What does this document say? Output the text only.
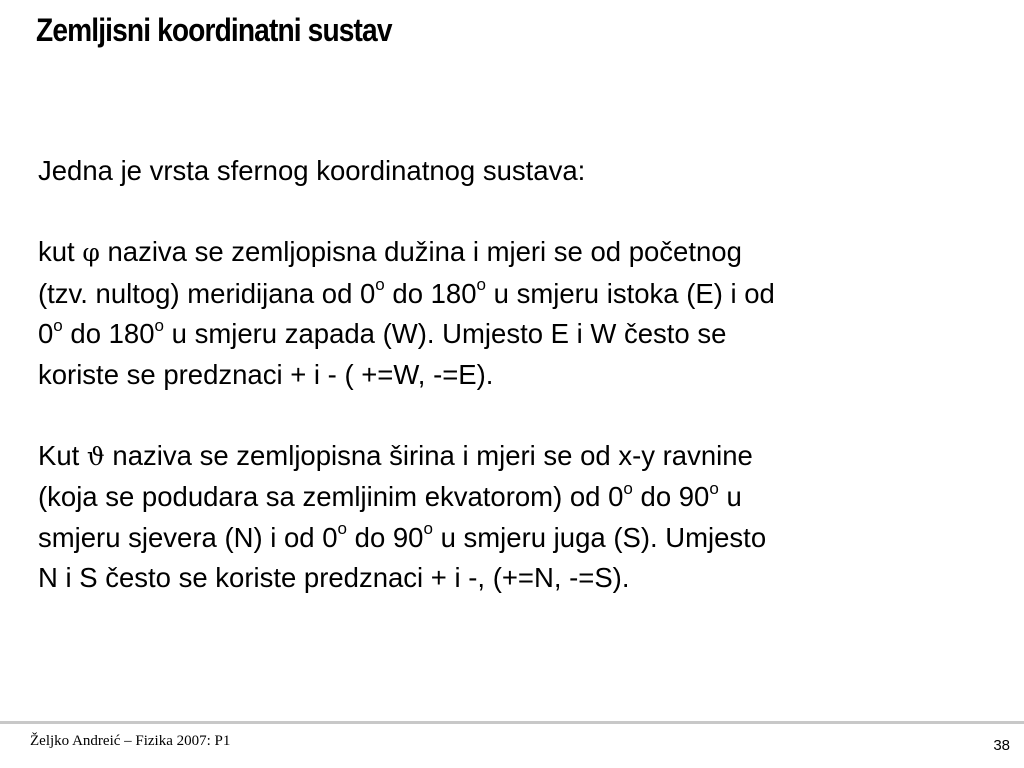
Zemljisni koordinatni sustav

Jedna je vrsta sfernog koordinatnog sustava:

kut φ naziva se zemljopisna dužina i mjeri se od početnog
(tzv. nultog) meridijana od 0$^o$ do 180$^o$ u smjeru istoka (E) i od
0$^o$ do 180$^o$ u smjeru zapada (W). Umjesto E i W često se
koriste se predznaci + i - ( +=W, -=E).

Kut ϑ naziva se zemljopisna širina i mjeri se od x-y ravnine
(koja se podudara sa zemljinim ekvatorom) od 0$^o$ do 90$^o$ u
smjeru sjevera (N) i od 0$^o$ do 90$^o$ u smjeru juga (S). Umjesto
N i S često se koriste predznaci + i -, (+=N, -=S).

Željko Andreić – Fizika 2007: P1	38
